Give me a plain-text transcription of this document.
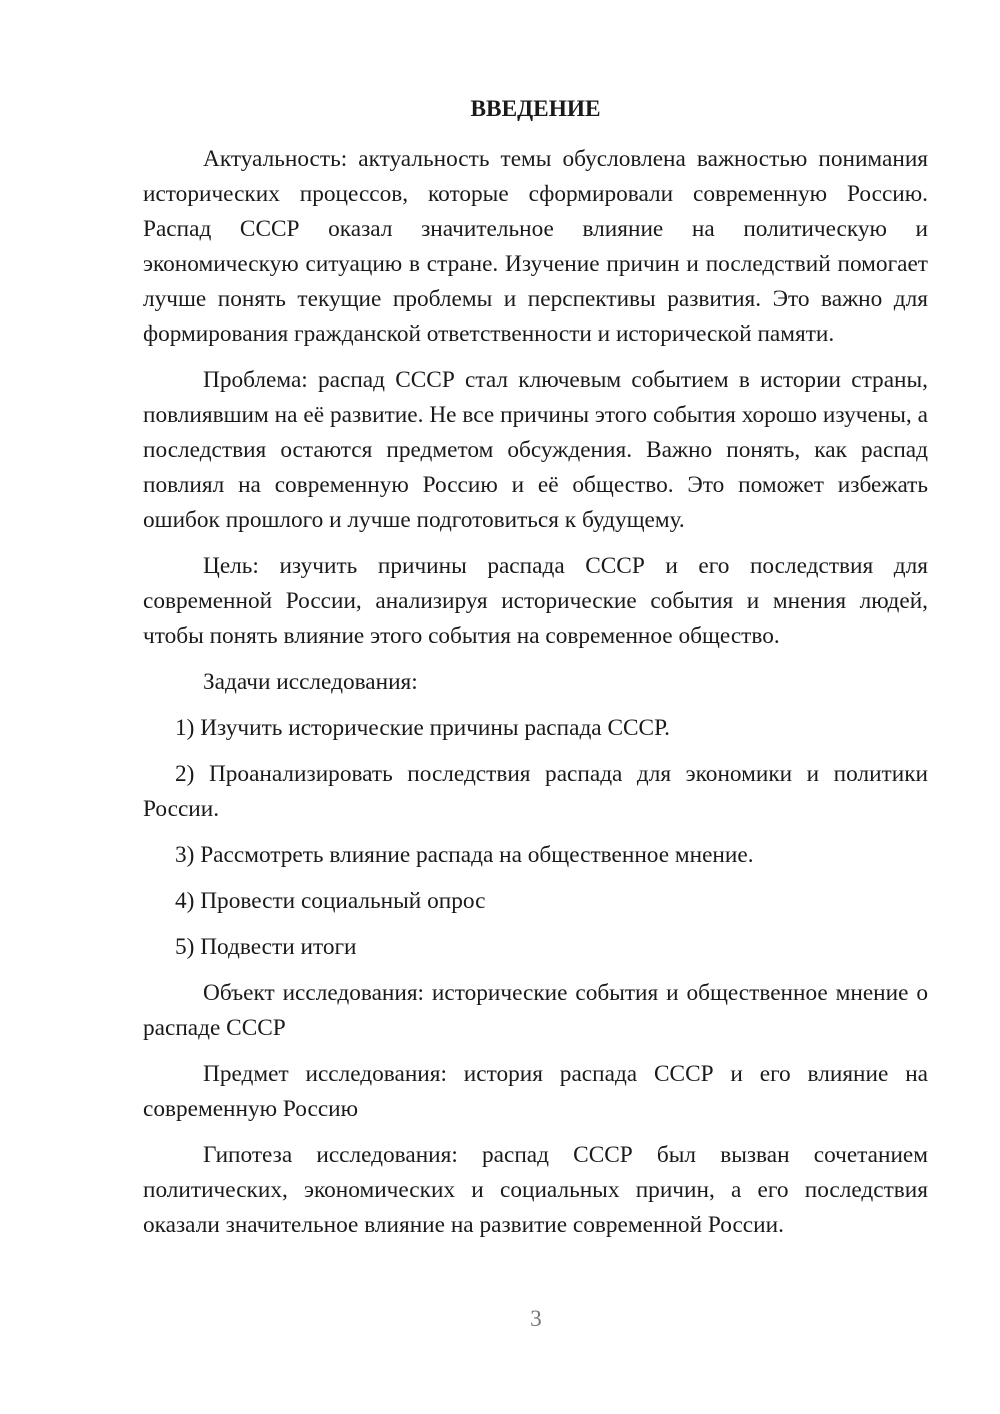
ВВЕДЕНИЕ

Актуальность: актуальность темы обусловлена важностью понимания исторических процессов, которые сформировали современную Россию. Распад СССР оказал значительное влияние на политическую и экономическую ситуацию в стране. Изучение причин и последствий помогает лучше понять текущие проблемы и перспективы развития. Это важно для формирования гражданской ответственности и исторической памяти.

Проблема: распад СССР стал ключевым событием в истории страны, повлиявшим на её развитие. Не все причины этого события хорошо изучены, а последствия остаются предметом обсуждения. Важно понять, как распад повлиял на современную Россию и её общество. Это поможет избежать ошибок прошлого и лучше подготовиться к будущему.

Цель: изучить причины распада СССР и его последствия для современной России, анализируя исторические события и мнения людей, чтобы понять влияние этого события на современное общество.

Задачи исследования:

1) Изучить исторические причины распада СССР.

2) Проанализировать последствия распада для экономики и политики России.

3) Рассмотреть влияние распада на общественное мнение.

4) Провести социальный опрос

5) Подвести итоги

Объект исследования: исторические события и общественное мнение о распаде СССР

Предмет исследования: история распада СССР и его влияние на современную Россию

Гипотеза исследования: распад СССР был вызван сочетанием политических, экономических и социальных причин, а его последствия оказали значительное влияние на развитие современной России.

3
